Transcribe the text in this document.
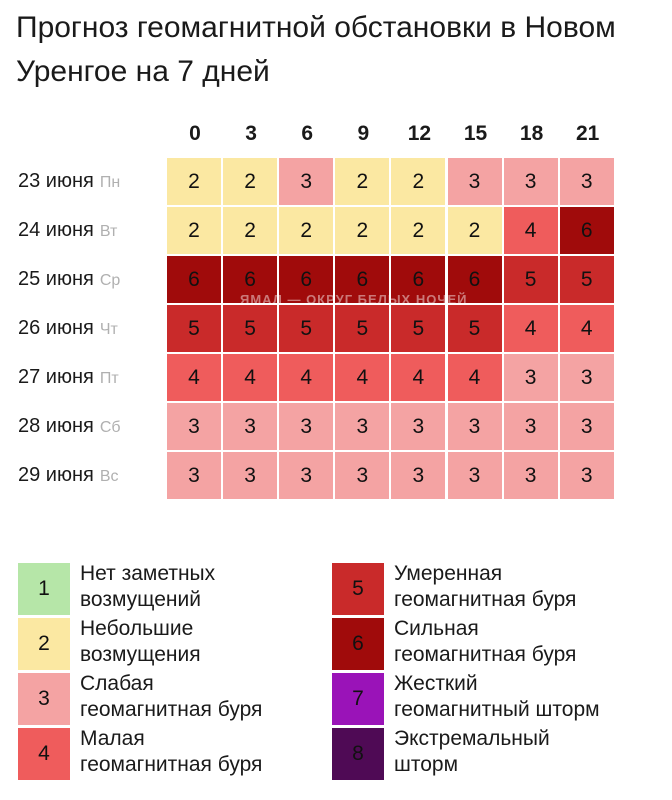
Прогноз геомагнитной обстановки в Новом Уренгое на 7 дней
0	3	6	9	12	15	18	21
23 июня Пн	2	2	3	2	2	3	3	3
24 июня Вт	2	2	2	2	2	2	4	6
25 июня Ср	6	6	6	6	6	6	5	5
26 июня Чт	5	5	5	5	5	5	4	4
27 июня Пт	4	4	4	4	4	4	3	3
28 июня Сб	3	3	3	3	3	3	3	3
29 июня Вс	3	3	3	3	3	3	3	3
ЯМАЛ — ОКРУГ БЕЛЫХ НОЧЕЙ
1
Нет заметных
возмущений
2
Небольшие
возмущения
3
Слабая
геомагнитная буря
4
Малая
геомагнитная буря
5
Умеренная
геомагнитная буря
6
Сильная
геомагнитная буря
7
Жесткий
геомагнитный шторм
8
Экстремальный
шторм
